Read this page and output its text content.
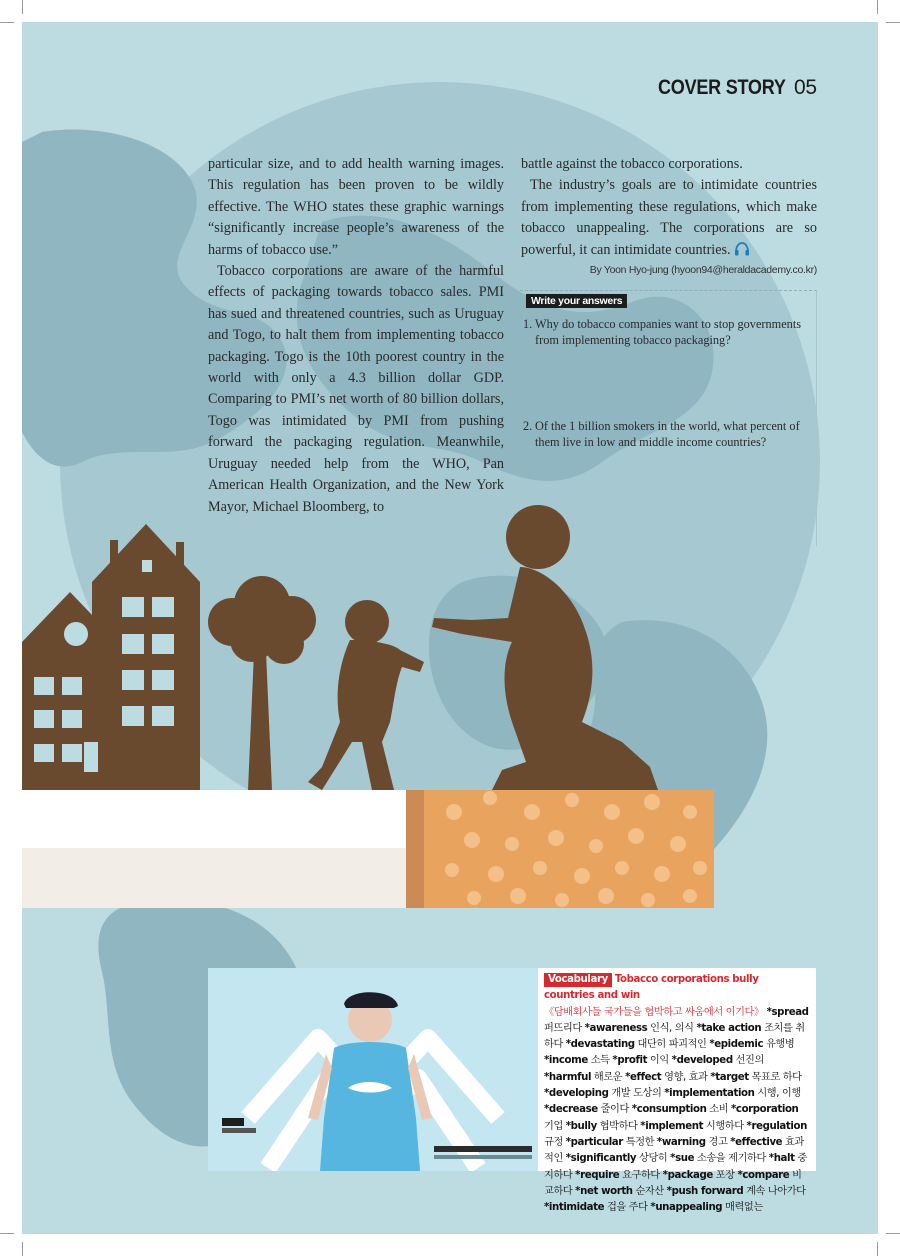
COVER STORY 05

particular size, and to add health warning images. This regulation has been proven to be wildly effective. The WHO states these graphic warnings “significantly increase people’s awareness of the harms of tobacco use.”

Tobacco corporations are aware of the harmful effects of packaging towards tobacco sales. PMI has sued and threatened countries, such as Uruguay and Togo, to halt them from implementing tobacco packaging. Togo is the 10th poorest country in the world with only a 4.3 billion dollar GDP. Comparing to PMI’s net worth of 80 billion dollars, Togo was intimidated by PMI from pushing forward the packaging regulation. Meanwhile, Uruguay needed help from the WHO, Pan American Health Organization, and the New York Mayor, Michael Bloomberg, to

battle against the tobacco corporations.

The industry’s goals are to intimidate countries from implementing these regulations, which make tobacco unappealing. The corporations are so powerful, it can intimidate countries.

By Yoon Hyo-jung (hyoon94@heraldacademy.co.kr)
Write your answers
1. Why do tobacco companies want to stop governments from implementing tobacco packaging?
2. Of the 1 billion smokers in the world, what percent of them live in low and middle income countries?
Vocabulary Tobacco corporations bully countries and win
《담배회사들 국가들을 협박하고 싸움에서 이기다》 *spread 퍼뜨리다 *awareness 인식, 의식 *take action 조치를 취하다 *devastating 대단히 파괴적인 *epidemic 유행병 *income 소득 *profit 이익 *developed 선진의 *harmful 해로운 *effect 영향, 효과 *target 목표로 하다 *developing 개발 도상의 *implementation 시행, 이행 *decrease 줄이다 *consumption 소비 *corporation 기업 *bully 협박하다 *implement 시행하다 *regulation 규정 *particular 특정한 *warning 경고 *effective 효과적인 *significantly 상당히 *sue 소송을 제기하다 *halt 중지하다 *require 요구하다 *package 포장 *compare 비교하다 *net worth 순자산 *push forward 계속 나아가다 *intimidate 겁을 주다 *unappealing 매력없는
